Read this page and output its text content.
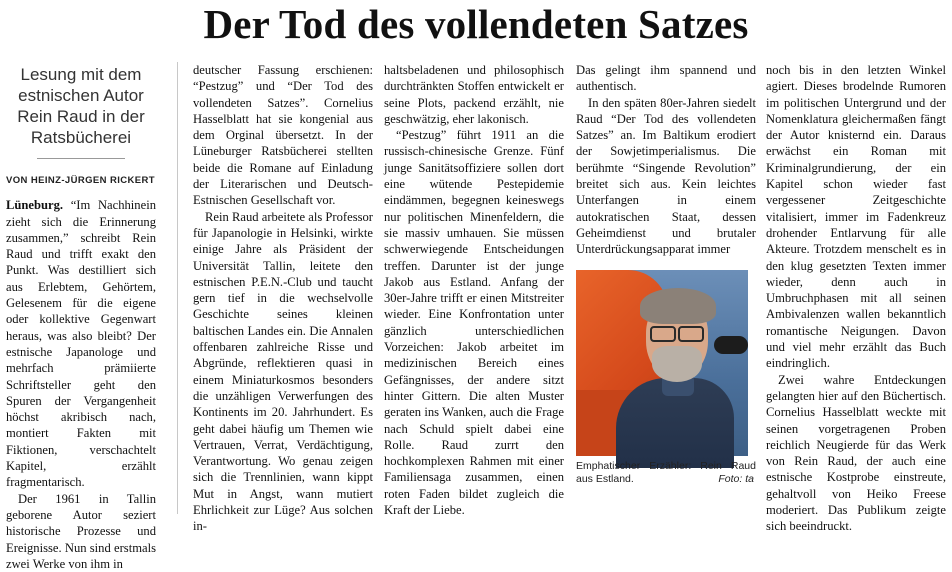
Der Tod des vollendeten Satzes
Lesung mit dem
estnischen Autor
Rein Raud in der
Ratsbücherei
VON HEINZ-JÜRGEN RICKERT

Lüneburg. “Im Nachhinein zieht sich die Erinnerung zusammen,” schreibt Rein Raud und trifft exakt den Punkt. Was destilliert sich aus Erlebtem, Gehörtem, Gelesenem für die eigene oder kollektive Gegenwart heraus, was also bleibt? Der estnische Japanologe und mehrfach prämiierte Schriftsteller geht den Spuren der Vergangenheit höchst akribisch nach, montiert Fakten mit Fiktionen, verschachtelt Kapitel, erzählt fragmentarisch.

Der 1961 in Tallin geborene Autor seziert historische Prozesse und Ereignisse. Nun sind erstmals zwei Werke von ihm in

deutscher Fassung erschienen: “Pestzug” und “Der Tod des vollendeten Satzes”. Cornelius Hasselblatt hat sie kongenial aus dem Orginal übersetzt. In der Lüneburger Ratsbücherei stellten beide die Romane auf Einladung der Literarischen und Deutsch-Estnischen Gesellschaft vor.

Rein Raud arbeitete als Professor für Japanologie in Helsinki, wirkte einige Jahre als Präsident der Universität Tallin, leitete den estnischen P.E.N.-Club und taucht gern tief in die wechselvolle Geschichte seines kleinen baltischen Landes ein. Die Annalen offenbaren zahlreiche Risse und Abgründe, reflektieren quasi in einem Miniaturkosmos besonders die unzähligen Verwerfungen des Kontinents im 20. Jahrhundert. Es geht dabei häufig um Themen wie Vertrauen, Verrat, Verdächtigung, Verantwortung. Wo genau zeigen sich die Trennlinien, wann kippt Mut in Angst, wann mutiert Ehrlichkeit zur Lüge? Aus solchen in-

haltsbeladenen und philosophisch durchtränkten Stoffen entwickelt er seine Plots, packend erzählt, nie geschwätzig, eher lakonisch.

“Pestzug” führt 1911 an die russisch-chinesische Grenze. Fünf junge Sanitätsoffiziere sollen dort eine wütende Pestepidemie eindämmen, begegnen keineswegs nur politischen Minenfeldern, die sie massiv umhauen. Sie müssen schwerwiegende Entscheidungen treffen. Darunter ist der junge Jakob aus Estland. Anfang der 30er-Jahre trifft er einen Mitstreiter wieder. Eine Konfrontation unter gänzlich unterschiedlichen Vorzeichen: Jakob arbeitet im medizinischen Bereich eines Gefängnisses, der andere sitzt hinter Gittern. Die alten Muster geraten ins Wanken, auch die Frage nach Schuld spielt dabei eine Rolle. Raud zurrt den hochkomplexen Rahmen mit einer Familiensaga zusammen, einen roten Faden bildet zugleich die Kraft der Liebe.

Das gelingt ihm spannend und authentisch.

In den späten 80er-Jahren siedelt Raud “Der Tod des vollendeten Satzes” an. Im Baltikum erodiert der Sowjetimperialismus. Die berühmte “Singende Revolution” breitet sich aus. Kein leichtes Unterfangen in einem autokratischen Staat, dessen Geheimdienst und brutaler Unterdrückungsapparat immer

Emphatischer Erzähler: Rein Raud aus Estland.	Foto: ta

noch bis in den letzten Winkel agiert. Dieses brodelnde Rumoren im politischen Untergrund und der Nomenklatura gleichermaßen fängt der Autor knisternd ein. Daraus erwächst ein Roman mit Kriminalgrundierung, der ein Kapitel schon wieder fast vergessener Zeitgeschichte vitalisiert, immer im Fadenkreuz drohender Entlarvung für alle Akteure. Trotzdem menschelt es in den klug gesetzten Texten immer wieder, denn auch in Umbruchphasen mit all seinen Ambivalenzen wallen bekanntlich romantische Neigungen. Davon und viel mehr erzählt das Buch eindringlich.

Zwei wahre Entdeckungen gelangten hier auf den Büchertisch. Cornelius Hasselblatt weckte mit seinen vorgetragenen Proben reichlich Neugierde für das Werk von Rein Raud, der auch eine estnische Kostprobe einstreute, gehaltvoll von Heiko Freese moderiert. Das Publikum zeigte sich beeindruckt.
